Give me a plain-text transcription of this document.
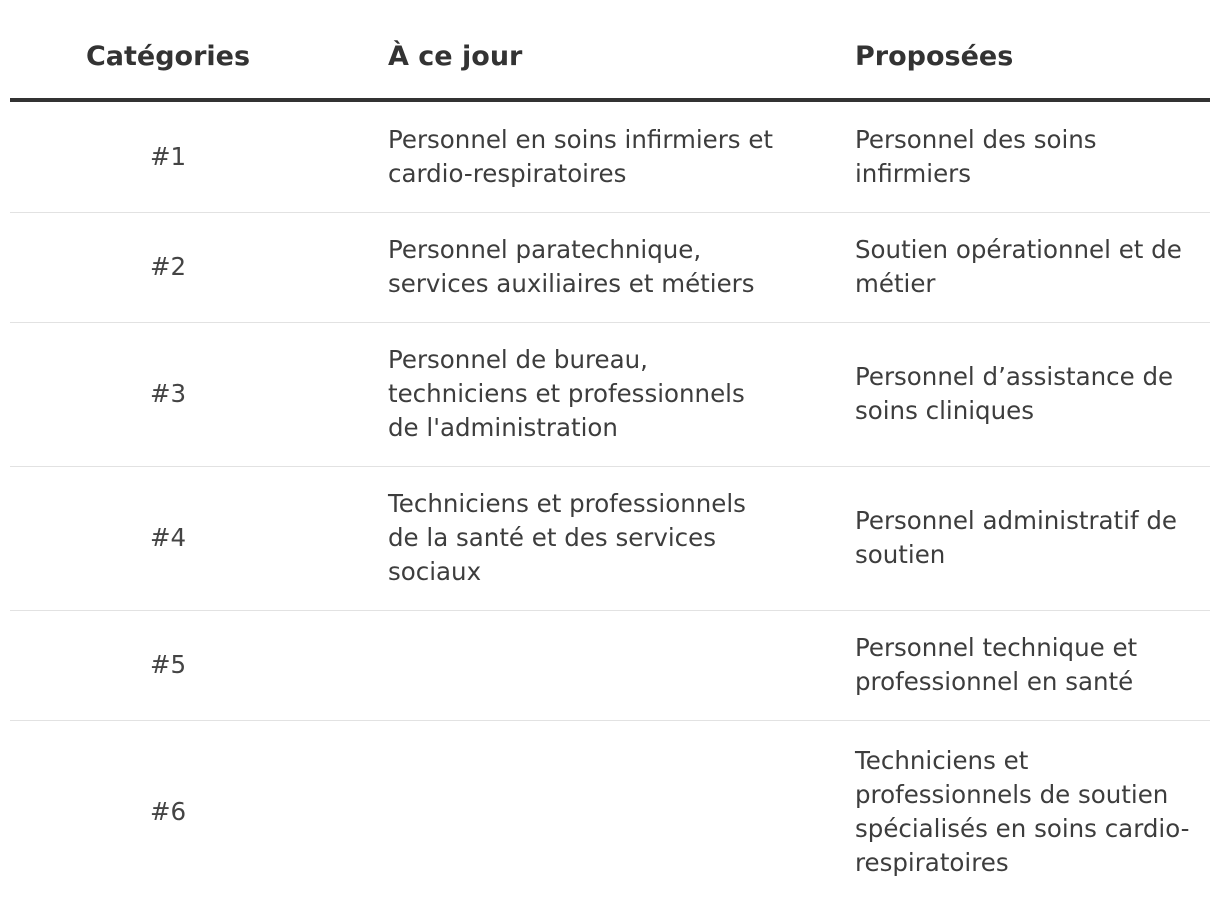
Catégories	À ce jour	Proposées
#1	Personnel en soins infirmiers et cardio-respiratoires	Personnel des soins infirmiers
#2	Personnel paratechnique, services auxiliaires et métiers	Soutien opérationnel et de métier
#3	Personnel de bureau, techniciens et professionnels de l'administration	Personnel d’assistance de soins cliniques
#4	Techniciens et professionnels de la santé et des services sociaux	Personnel administratif de soutien
#5		Personnel technique et professionnel en santé
#6		Techniciens et professionnels de soutien spécialisés en soins cardio-respiratoires
